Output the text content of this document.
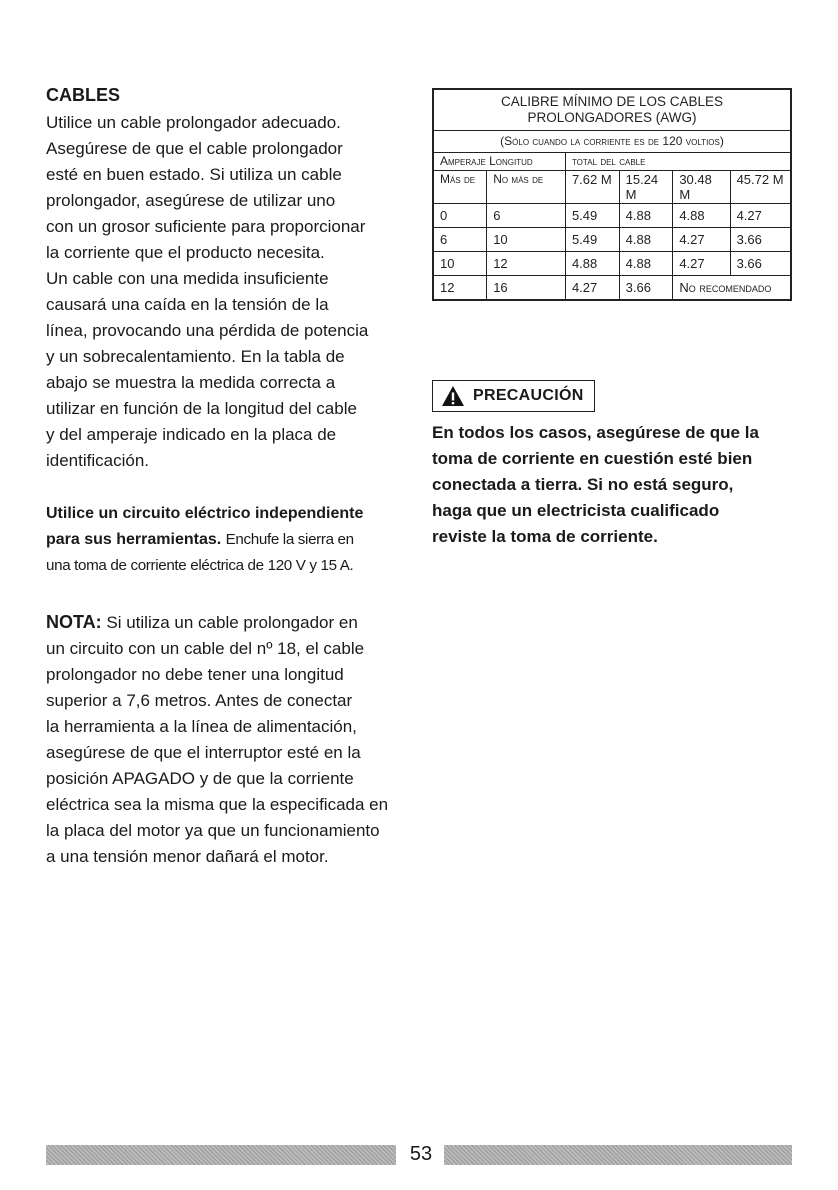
CABLES
Utilice un cable prolongador adecuado.
Asegúrese de que el cable prolongador
esté en buen estado. Si utiliza un cable
prolongador, asegúrese de utilizar uno
con un grosor suficiente para proporcionar
la corriente que el producto necesita.
Un cable con una medida insuficiente
causará una caída en la tensión de la
línea, provocando una pérdida de potencia
y un sobrecalentamiento. En la tabla de
abajo se muestra la medida correcta a
utilizar en función de la longitud del cable
y del amperaje indicado en la placa de
identificación.
Utilice un circuito eléctrico independiente
para sus herramientas. Enchufe la sierra en
una toma de corriente eléctrica de 120 V y 15 A.
NOTA: Si utiliza un cable prolongador en
un circuito con un cable del nº 18, el cable
prolongador no debe tener una longitud
superior a 7,6 metros. Antes de conectar
la herramienta a la línea de alimentación,
asegúrese de que el interruptor esté en la
posición APAGADO y de que la corriente
eléctrica sea la misma que la especificada en
la placa del motor ya que un funcionamiento
a una tensión menor dañará el motor.
CALIBRE MÍNIMO DE LOS CABLES
PROLONGADORES (AWG)					

(Sólo cuando la corriente es de 120 voltios)					
Amperaje Longitud		total del cable			
Más de	No más de	7.62 M	15.24 M	30.48 M	45.72 M
0	6	5.49	4.88	4.88	4.27
6	10	5.49	4.88	4.27	3.66
10	12	4.88	4.88	4.27	3.66
12	16	4.27	3.66	No recomendado	
PRECAUCIÓN
En todos los casos, asegúrese de que la
toma de corriente en cuestión esté bien
conectada a tierra. Si no está seguro,
haga que un electricista cualificado
reviste la toma de corriente.
53
